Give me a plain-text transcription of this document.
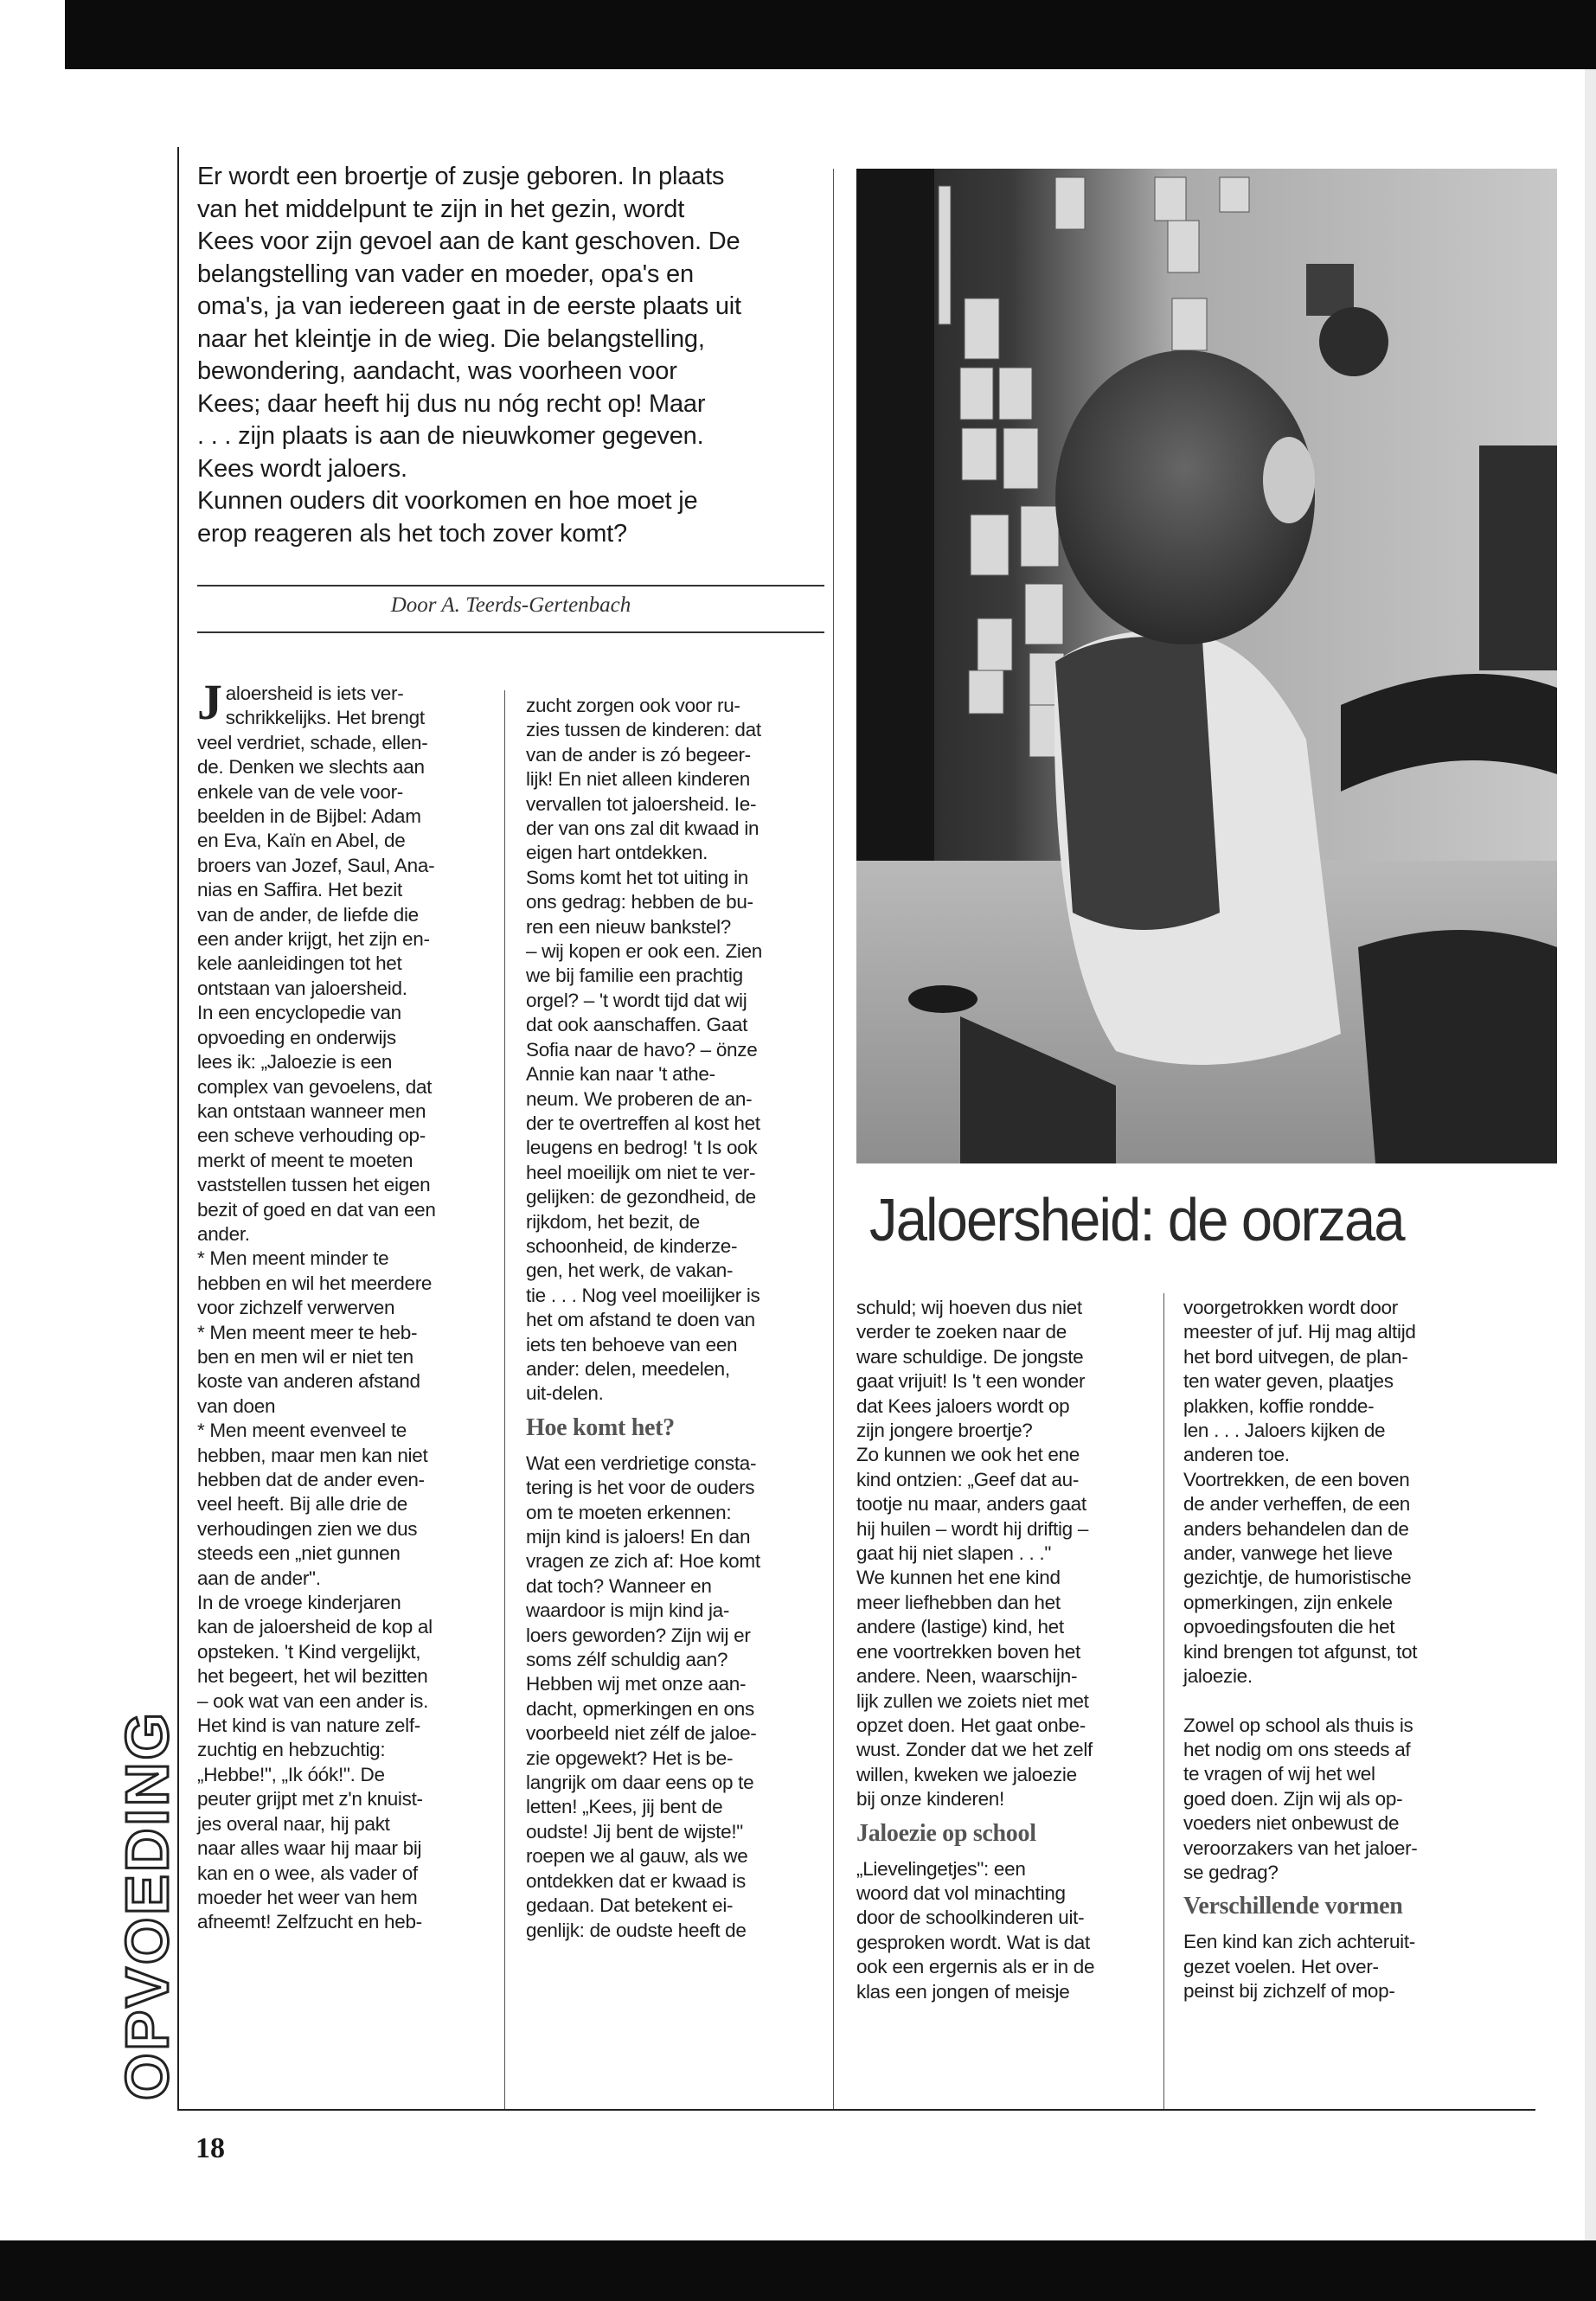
Er wordt een broertje of zusje geboren. In plaats

van het middelpunt te zijn in het gezin, wordt

Kees voor zijn gevoel aan de kant geschoven. De

belangstelling van vader en moeder, opa's en

oma's, ja van iedereen gaat in de eerste plaats uit

naar het kleintje in de wieg. Die belangstelling,

bewondering, aandacht, was voorheen voor

Kees; daar heeft hij dus nu nóg recht op! Maar

. . . zijn plaats is aan de nieuwkomer gegeven.

Kees wordt jaloers.

Kunnen ouders dit voorkomen en hoe moet je

erop reageren als het toch zover komt?

Door A. Teerds-Gertenbach
Jaloersheid: de oorzaa
J aloersheid is iets ver-

schrikkelijks. Het brengt

veel verdriet, schade, ellen-

de. Denken we slechts aan

enkele van de vele voor-

beelden in de Bijbel: Adam

en Eva, Kaïn en Abel, de

broers van Jozef, Saul, Ana-

nias en Saffira. Het bezit

van de ander, de liefde die

een ander krijgt, het zijn en-

kele aanleidingen tot het

ontstaan van jaloersheid.

In een encyclopedie van

opvoeding en onderwijs

lees ik: „Jaloezie is een

complex van gevoelens, dat

kan ontstaan wanneer men

een scheve verhouding op-

merkt of meent te moeten

vaststellen tussen het eigen

bezit of goed en dat van een

ander.

* Men meent minder te

hebben en wil het meerdere

voor zichzelf verwerven

* Men meent meer te heb-

ben en men wil er niet ten

koste van anderen afstand

van doen

* Men meent evenveel te

hebben, maar men kan niet

hebben dat de ander even-

veel heeft. Bij alle drie de

verhoudingen zien we dus

steeds een „niet gunnen

aan de ander".

In de vroege kinderjaren

kan de jaloersheid de kop al

opsteken. 't Kind vergelijkt,

het begeert, het wil bezitten

– ook wat van een ander is.

Het kind is van nature zelf-

zuchtig en hebzuchtig:

„Hebbe!", „Ik óók!". De

peuter grijpt met z'n knuist-

jes overal naar, hij pakt

naar alles waar hij maar bij

kan en o wee, als vader of

moeder het weer van hem

afneemt! Zelfzucht en heb-

zucht zorgen ook voor ru-

zies tussen de kinderen: dat

van de ander is zó begeer-

lijk! En niet alleen kinderen

vervallen tot jaloersheid. Ie-

der van ons zal dit kwaad in

eigen hart ontdekken.

Soms komt het tot uiting in

ons gedrag: hebben de bu-

ren een nieuw bankstel?

– wij kopen er ook een. Zien

we bij familie een prachtig

orgel? – 't wordt tijd dat wij

dat ook aanschaffen. Gaat

Sofia naar de havo? – önze

Annie kan naar 't athe-

neum. We proberen de an-

der te overtreffen al kost het

leugens en bedrog! 't Is ook

heel moeilijk om niet te ver-

gelijken: de gezondheid, de

rijkdom, het bezit, de

schoonheid, de kinderze-

gen, het werk, de vakan-

tie . . . Nog veel moeilijker is

het om afstand te doen van

iets ten behoeve van een

ander: delen, meedelen,

uit-delen.

Hoe komt het?

Wat een verdrietige consta-

tering is het voor de ouders

om te moeten erkennen:

mijn kind is jaloers! En dan

vragen ze zich af: Hoe komt

dat toch? Wanneer en

waardoor is mijn kind ja-

loers geworden? Zijn wij er

soms zélf schuldig aan?

Hebben wij met onze aan-

dacht, opmerkingen en ons

voorbeeld niet zélf de jaloe-

zie opgewekt? Het is be-

langrijk om daar eens op te

letten! „Kees, jij bent de

oudste! Jij bent de wijste!"

roepen we al gauw, als we

ontdekken dat er kwaad is

gedaan. Dat betekent ei-

genlijk: de oudste heeft de

schuld; wij hoeven dus niet

verder te zoeken naar de

ware schuldige. De jongste

gaat vrijuit! Is 't een wonder

dat Kees jaloers wordt op

zijn jongere broertje?

Zo kunnen we ook het ene

kind ontzien: „Geef dat au-

tootje nu maar, anders gaat

hij huilen – wordt hij driftig –

gaat hij niet slapen . . ."

We kunnen het ene kind

meer liefhebben dan het

andere (lastige) kind, het

ene voortrekken boven het

andere. Neen, waarschijn-

lijk zullen we zoiets niet met

opzet doen. Het gaat onbe-

wust. Zonder dat we het zelf

willen, kweken we jaloezie

bij onze kinderen!

Jaloezie op school

„Lievelingetjes": een

woord dat vol minachting

door de schoolkinderen uit-

gesproken wordt. Wat is dat

ook een ergernis als er in de

klas een jongen of meisje

voorgetrokken wordt door

meester of juf. Hij mag altijd

het bord uitvegen, de plan-

ten water geven, plaatjes

plakken, koffie rondde-

len . . . Jaloers kijken de

anderen toe.

Voortrekken, de een boven

de ander verheffen, de een

anders behandelen dan de

ander, vanwege het lieve

gezichtje, de humoristische

opmerkingen, zijn enkele

opvoedingsfouten die het

kind brengen tot afgunst, tot

jaloezie.

Zowel op school als thuis is

het nodig om ons steeds af

te vragen of wij het wel

goed doen. Zijn wij als op-

voeders niet onbewust de

veroorzakers van het jaloer-

se gedrag?

Verschillende vormen

Een kind kan zich achteruit-

gezet voelen. Het over-

peinst bij zichzelf of mop-

OPVOEDING
18
